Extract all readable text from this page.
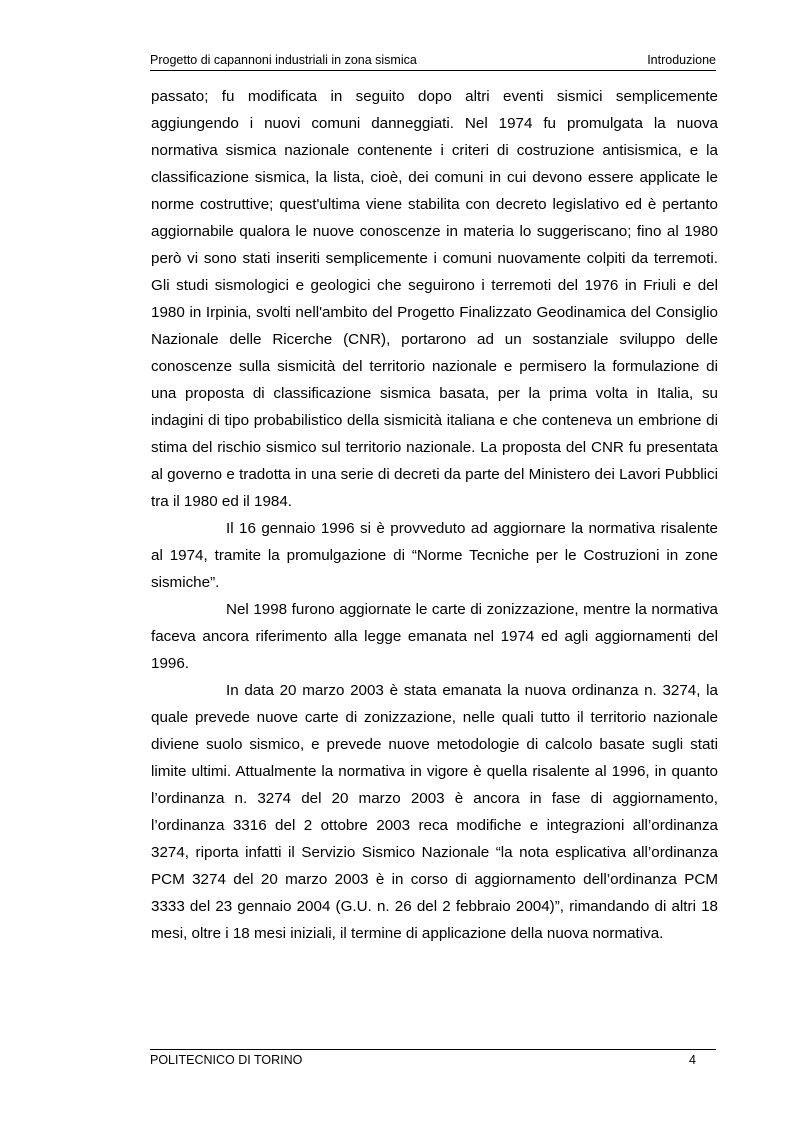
Progetto di capannoni industriali in zona sismica	Introduzione

passato; fu modificata in seguito dopo altri eventi sismici semplicemente aggiungendo i nuovi comuni danneggiati. Nel 1974 fu promulgata la nuova normativa sismica nazionale contenente i criteri di costruzione antisismica, e la classificazione sismica, la lista, cioè, dei comuni in cui devono essere applicate le norme costruttive; quest'ultima viene stabilita con decreto legislativo ed è pertanto aggiornabile qualora le nuove conoscenze in materia lo suggeriscano; fino al 1980 però vi sono stati inseriti semplicemente i comuni nuovamente colpiti da terremoti. Gli studi sismologici e geologici che seguirono i terremoti del 1976 in Friuli e del 1980 in Irpinia, svolti nell'ambito del Progetto Finalizzato Geodinamica del Consiglio Nazionale delle Ricerche (CNR), portarono ad un sostanziale sviluppo delle conoscenze sulla sismicità del territorio nazionale e permisero la formulazione di una proposta di classificazione sismica basata, per la prima volta in Italia, su indagini di tipo probabilistico della sismicità italiana e che conteneva un embrione di stima del rischio sismico sul territorio nazionale. La proposta del CNR fu presentata al governo e tradotta in una serie di decreti da parte del Ministero dei Lavori Pubblici tra il 1980 ed il 1984.

Il 16 gennaio 1996 si è provveduto ad aggiornare la normativa risalente al 1974, tramite la promulgazione di “Norme Tecniche per le Costruzioni in zone sismiche”.

Nel 1998 furono aggiornate le carte di zonizzazione, mentre la normativa faceva ancora riferimento alla legge emanata nel 1974 ed agli aggiornamenti del 1996.

In data 20 marzo 2003 è stata emanata la nuova ordinanza n. 3274, la quale prevede nuove carte di zonizzazione, nelle quali tutto il territorio nazionale diviene suolo sismico, e prevede nuove metodologie di calcolo basate sugli stati limite ultimi. Attualmente la normativa in vigore è quella risalente al 1996, in quanto l’ordinanza n. 3274 del 20 marzo 2003 è ancora in fase di aggiornamento, l’ordinanza 3316 del 2 ottobre 2003 reca modifiche e integrazioni all’ordinanza 3274, riporta infatti il Servizio Sismico Nazionale “la nota esplicativa all’ordinanza PCM 3274 del 20 marzo 2003 è in corso di aggiornamento dell’ordinanza PCM 3333 del 23 gennaio 2004 (G.U. n. 26 del 2 febbraio 2004)”, rimandando di altri 18 mesi, oltre i 18 mesi iniziali, il termine di applicazione della nuova normativa.

POLITECNICO DI TORINO	4
